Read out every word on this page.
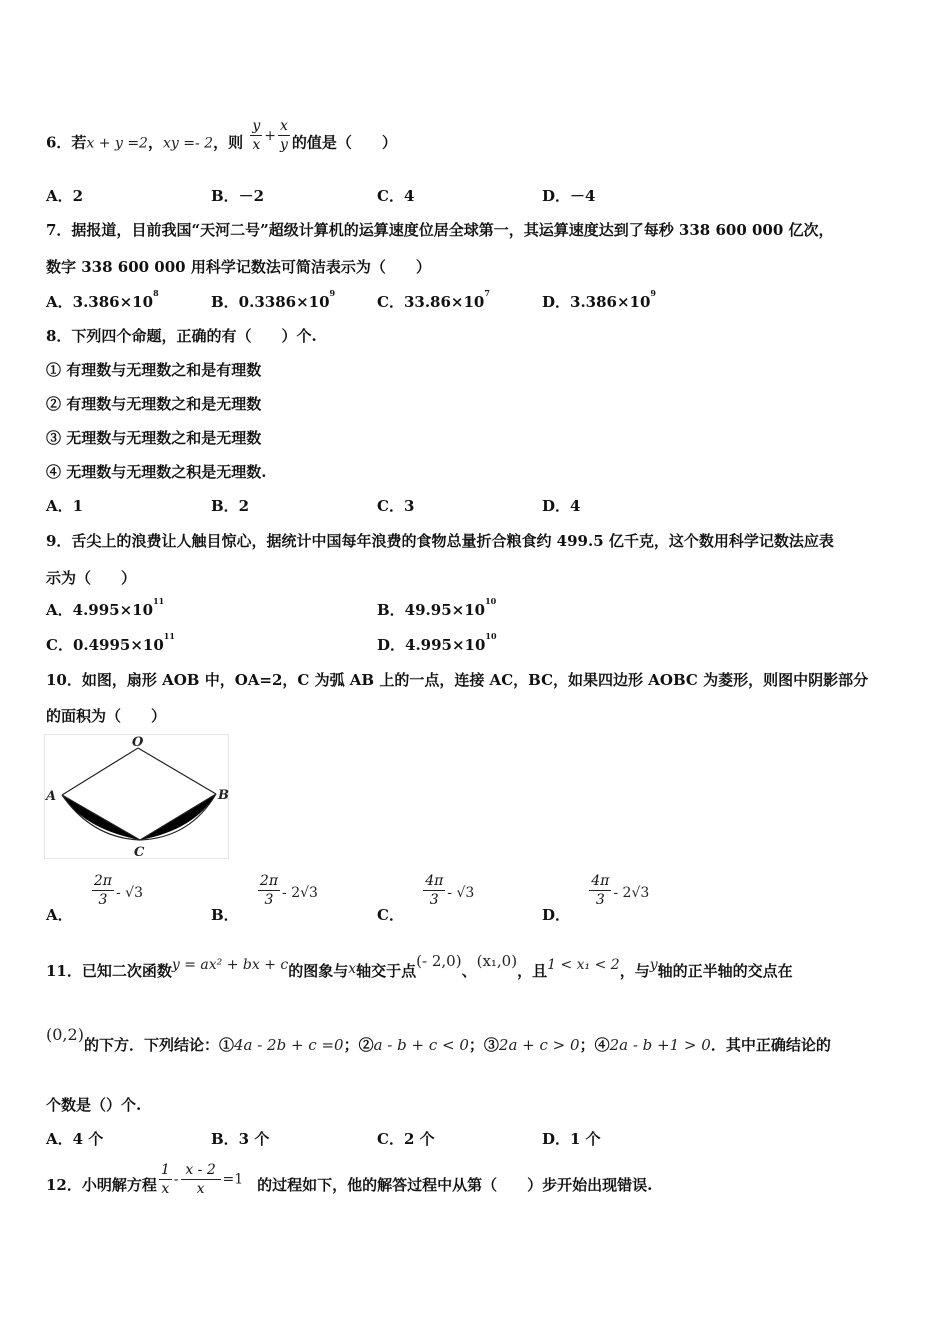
6．若x + y =2，xy =- 2，则 $\frac{y}{x} + \frac{x}{y}$ 的值是（　　）
A．2	B．－2	C．4	D．－4
7．据报道，目前我国“天河二号”超级计算机的运算速度位居全球第一，其运算速度达到了每秒 338 600 000 亿次，
数字 338 600 000 用科学记数法可简洁表示为（　　）
A．$3.386\times 10^8$	B．$0.3386\times 10^9$	C．$33.86\times 10^7$	D．$3.386\times 10^9$
8．下列四个命题，正确的有（　　）个.
① 有理数与无理数之和是有理数
② 有理数与无理数之和是无理数
③ 无理数与无理数之和是无理数
④ 无理数与无理数之积是无理数.
A．1	B．2	C．3	D．4
9．舌尖上的浪费让人触目惊心，据统计中国每年浪费的食物总量折合粮食约 499.5 亿千克，这个数用科学记数法应表
示为（　　）
A．$4.995\times 10^{11}$	B．$49.95\times 10^{10}$
C．$0.4995\times 10^{11}$	D．$4.995\times 10^{10}$
10．如图，扇形 AOB 中，OA=2，C 为弧 AB 上的一点，连接 AC，BC，如果四边形 AOBC 为菱形，则图中阴影部分
的面积为（　　）
O
A	B
C
A．
$\frac{2\pi}{3} - √3$
B．
$\frac{2\pi}{3} - 2√3$
C．
$\frac{4\pi}{3} - √3$
D．
$\frac{4\pi}{3} - 2√3$
11．已知二次函数y = ax² + bx + c的图象与x轴交于点(- 2,0)、(x₁,0)，且1 < x₁ < 2，与y轴的正半轴的交点在
(0,2)的下方．下列结论：①4a - 2b + c =0；②a - b + c < 0；③2a + c > 0；④2a - b +1 > 0．其中正确结论的
个数是（）个.
A．4 个	B．3 个	C．2 个	D．1 个
12．小明解方程 $\frac{1}{x} - \frac{x - 2}{x} =1$ 的过程如下，他的解答过程中从第（　　）步开始出现错误.
